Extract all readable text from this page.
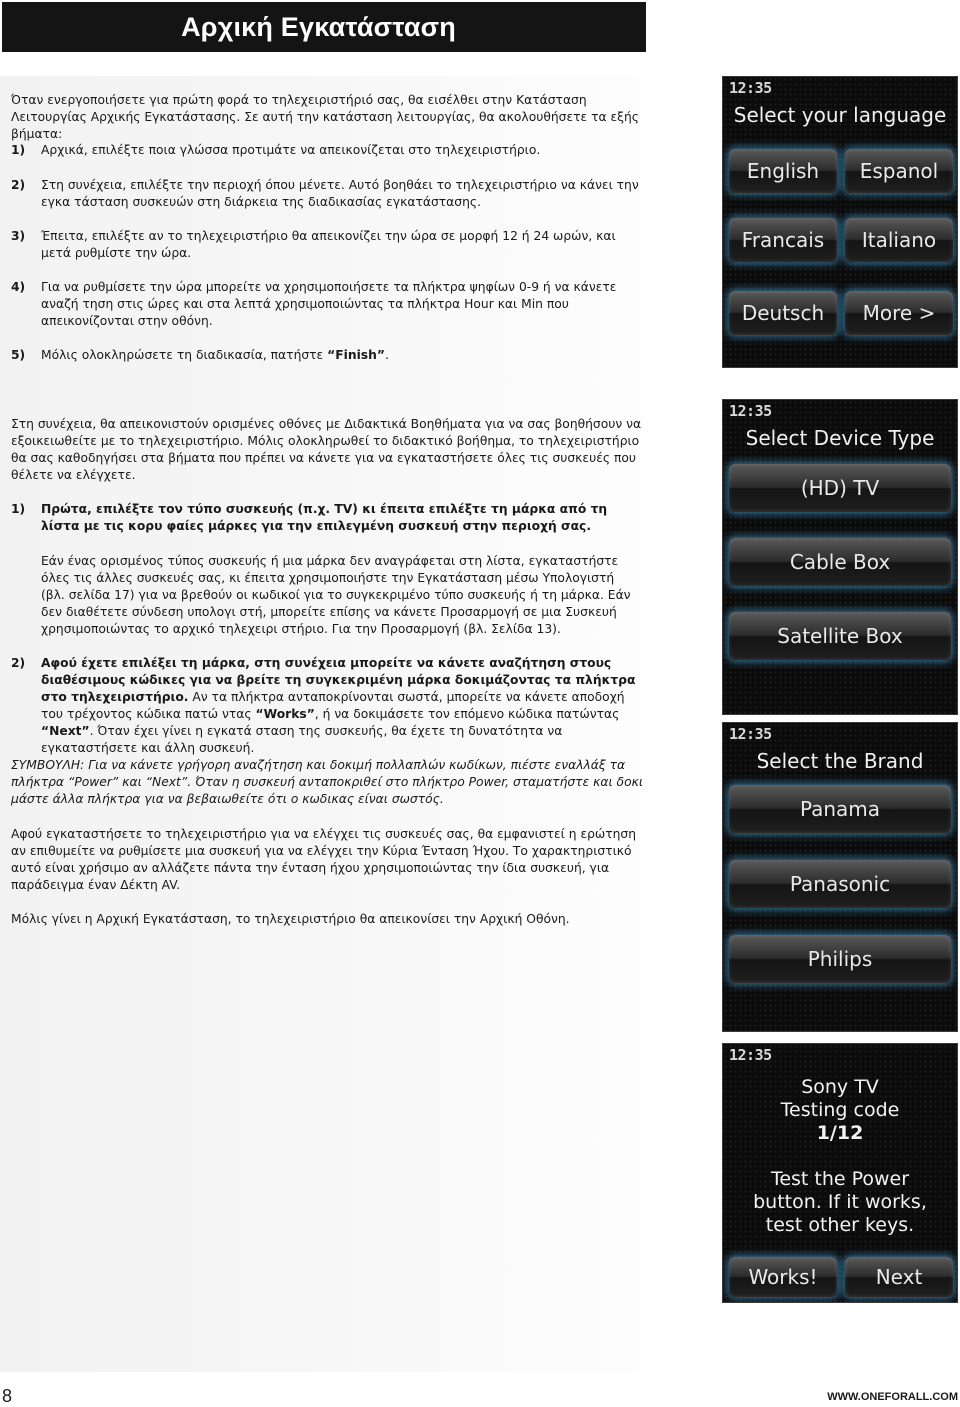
Αρχική Εγκατάσταση

Όταν ενεργοποιήσετε για πρώτη φορά το τηλεχειριστήριό σας, θα εισέλθει στην Κατάσταση Λειτουργίας Αρχικής Εγκατάστασης. Σε αυτή την κατάσταση λειτουργίας, θα ακολουθήσετε τα εξής βήματα:

1) Αρχικά, επιλέξτε ποια γλώσσα προτιμάτε να απεικονίζεται στο τηλεχειριστήριο.
2) Στη συνέχεια, επιλέξτε την περιοχή όπου μένετε. Αυτό βοηθάει το τηλεχειριστήριο να κάνει την εγκα τάσταση συσκευών στη διάρκεια της διαδικασίας εγκατάστασης.
3) Έπειτα, επιλέξτε αν το τηλεχειριστήριο θα απεικονίζει την ώρα σε μορφή 12 ή 24 ωρών, και μετά ρυθμίστε την ώρα.
4) Για να ρυθμίσετε την ώρα μπορείτε να χρησιμοποιήσετε τα πλήκτρα ψηφίων 0-9 ή να κάνετε αναζή τηση στις ώρες και στα λεπτά χρησιμοποιώντας τα πλήκτρα Hour και Min που απεικονίζονται στην οθόνη.
5) Μόλις ολοκληρώσετε τη διαδικασία, πατήστε “Finish”.

Στη συνέχεια, θα απεικονιστούν ορισμένες οθόνες με Διδακτικά Βοηθήματα για να σας βοηθήσουν να εξοικειωθείτε με το τηλεχειριστήριο. Μόλις ολοκληρωθεί το διδακτικό βοήθημα, το τηλεχειριστήριο θα σας καθοδηγήσει στα βήματα που πρέπει να κάνετε για να εγκαταστήσετε όλες τις συσκευές που θέλετε να ελέγχετε.

1) Πρώτα, επιλέξτε τον τύπο συσκευής (π.χ. TV) κι έπειτα επιλέξτε τη μάρκα από τη λίστα με τις κορυ φαίες μάρκες για την επιλεγμένη συσκευή στην περιοχή σας.

Εάν ένας ορισμένος τύπος συσκευής ή μια μάρκα δεν αναγράφεται στη λίστα, εγκαταστήστε όλες τις άλλες συσκευές σας, κι έπειτα χρησιμοποιήστε την Εγκατάσταση μέσω Υπολογιστή (βλ. σελίδα 17) για να βρεθούν οι κωδικοί για το συγκεκριμένο τύπο συσκευής ή τη μάρκα. Εάν δεν διαθέτετε σύνδεση υπολογι στή, μπορείτε επίσης να κάνετε Προσαρμογή σε μια Συσκευή χρησιμοποιώντας το αρχικό τηλεχειρι στήριο. Για την Προσαρμογή (βλ. Σελίδα 13).

2) Αφού έχετε επιλέξει τη μάρκα, στη συνέχεια μπορείτε να κάνετε αναζήτηση στους διαθέσιμους κώδικες για να βρείτε τη συγκεκριμένη μάρκα δοκιμάζοντας τα πλήκτρα στο τηλεχειριστήριο. Αν τα πλήκτρα ανταποκρίνονται σωστά, μπορείτε να κάνετε αποδοχή του τρέχοντος κώδικα πατώ ντας “Works”, ή να δοκιμάσετε τον επόμενο κώδικα πατώντας “Next”. Όταν έχει γίνει η εγκατά σταση της συσκευής, θα έχετε τη δυνατότητα να εγκαταστήσετε και άλλη συσκευή.

ΣΥΜΒΟΥΛΗ: Για να κάνετε γρήγορη αναζήτηση και δοκιμή πολλαπλών κωδίκων, πιέστε εναλλάξ τα πλήκτρα “Power” και “Next”. Όταν η συσκευή ανταποκριθεί στο πλήκτρο Power, σταματήστε και δοκι μάστε άλλα πλήκτρα για να βεβαιωθείτε ότι ο κωδικας είναι σωστός.

Αφού εγκαταστήσετε το τηλεχειριστήριο για να ελέγχει τις συσκευές σας, θα εμφανιστεί η ερώτηση αν επιθυμείτε να ρυθμίσετε μια συσκευή για να ελέγχει την Κύρια Ένταση Ήχου. Το χαρακτηριστικό αυτό είναι χρήσιμο αν αλλάζετε πάντα την ένταση ήχου χρησιμοποιώντας την ίδια συσκευή, για παράδειγμα έναν Δέκτη AV.

Μόλις γίνει η Αρχική Εγκατάσταση, το τηλεχειριστήριο θα απεικονίσει την Αρχική Οθόνη.

12:35
Select your language
English	Espanol
Francais	Italiano
Deutsch	More >
12:35
Select Device Type
(HD) TV
Cable Box
Satellite Box
12:35
Select the Brand
Panama
Panasonic
Philips
12:35
Sony TV
Testing code
1/12
Test the Power
button. If it works,
test other keys.
Works!	Next
8	WWW.ONEFORALL.COM
